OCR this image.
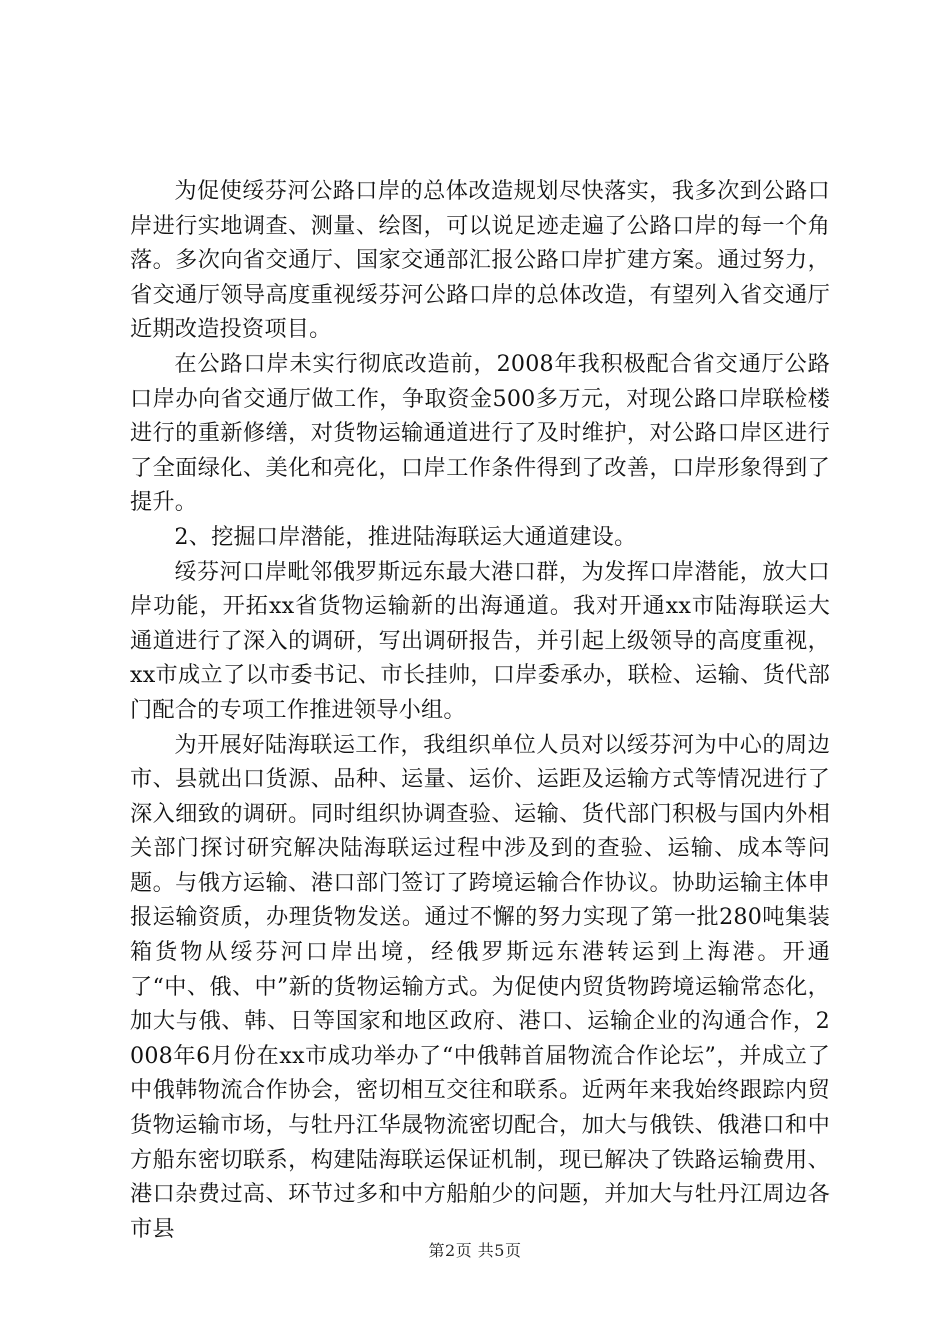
为促使绥芬河公路口岸的总体改造规划尽快落实，我多次到公路口岸进行实地调查、测量、绘图，可以说足迹走遍了公路口岸的每一个角落。多次向省交通厅、国家交通部汇报公路口岸扩建方案。通过努力，省交通厅领导高度重视绥芬河公路口岸的总体改造，有望列入省交通厅近期改造投资项目。

在公路口岸未实行彻底改造前，2008年我积极配合省交通厅公路口岸办向省交通厅做工作，争取资金500多万元，对现公路口岸联检楼进行的重新修缮，对货物运输通道进行了及时维护，对公路口岸区进行了全面绿化、美化和亮化，口岸工作条件得到了改善，口岸形象得到了提升。

2、挖掘口岸潜能，推进陆海联运大通道建设。

绥芬河口岸毗邻俄罗斯远东最大港口群，为发挥口岸潜能，放大口岸功能，开拓xx省货物运输新的出海通道。我对开通xx市陆海联运大通道进行了深入的调研，写出调研报告，并引起上级领导的高度重视，xx市成立了以市委书记、市长挂帅，口岸委承办，联检、运输、货代部门配合的专项工作推进领导小组。

为开展好陆海联运工作，我组织单位人员对以绥芬河为中心的周边市、县就出口货源、品种、运量、运价、运距及运输方式等情况进行了深入细致的调研。同时组织协调查验、运输、货代部门积极与国内外相关部门探讨研究解决陆海联运过程中涉及到的查验、运输、成本等问题。与俄方运输、港口部门签订了跨境运输合作协议。协助运输主体申报运输资质，办理货物发送。通过不懈的努力实现了第一批280吨集装箱货物从绥芬河口岸出境，经俄罗斯远东港转运到上海港。开通了“中、俄、中”新的货物运输方式。为促使内贸货物跨境运输常态化，加大与俄、韩、日等国家和地区政府、港口、运输企业的沟通合作，2008年6月份在xx市成功举办了“中俄韩首届物流合作论坛”，并成立了中俄韩物流合作协会，密切相互交往和联系。近两年来我始终跟踪内贸货物运输市场，与牡丹江华晟物流密切配合，加大与俄铁、俄港口和中方船东密切联系，构建陆海联运保证机制，现已解决了铁路运输费用、港口杂费过高、环节过多和中方船舶少的问题，并加大与牡丹江周边各市县

第2页 共5页
